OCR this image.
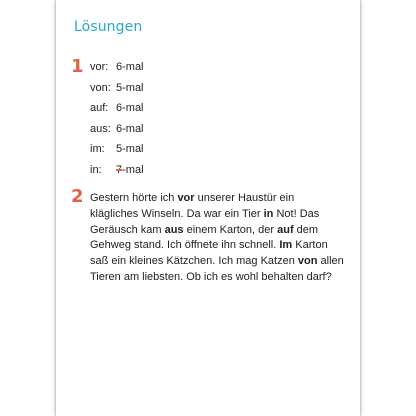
Lösungen
1 vor: 6-mal
von: 5-mal
auf: 6-mal
aus: 6-mal
im:	5-mal
in:	7-mal
2 Gestern hörte ich vor unserer Haustür ein klägliches Winseln. Da war ein Tier in Not! Das Geräusch kam aus einem Karton, der auf dem Gehweg stand. Ich öffnete ihn schnell. Im Karton saß ein kleines Kätzchen. Ich mag Katzen von allen Tieren am liebsten. Ob ich es wohl behalten darf?
